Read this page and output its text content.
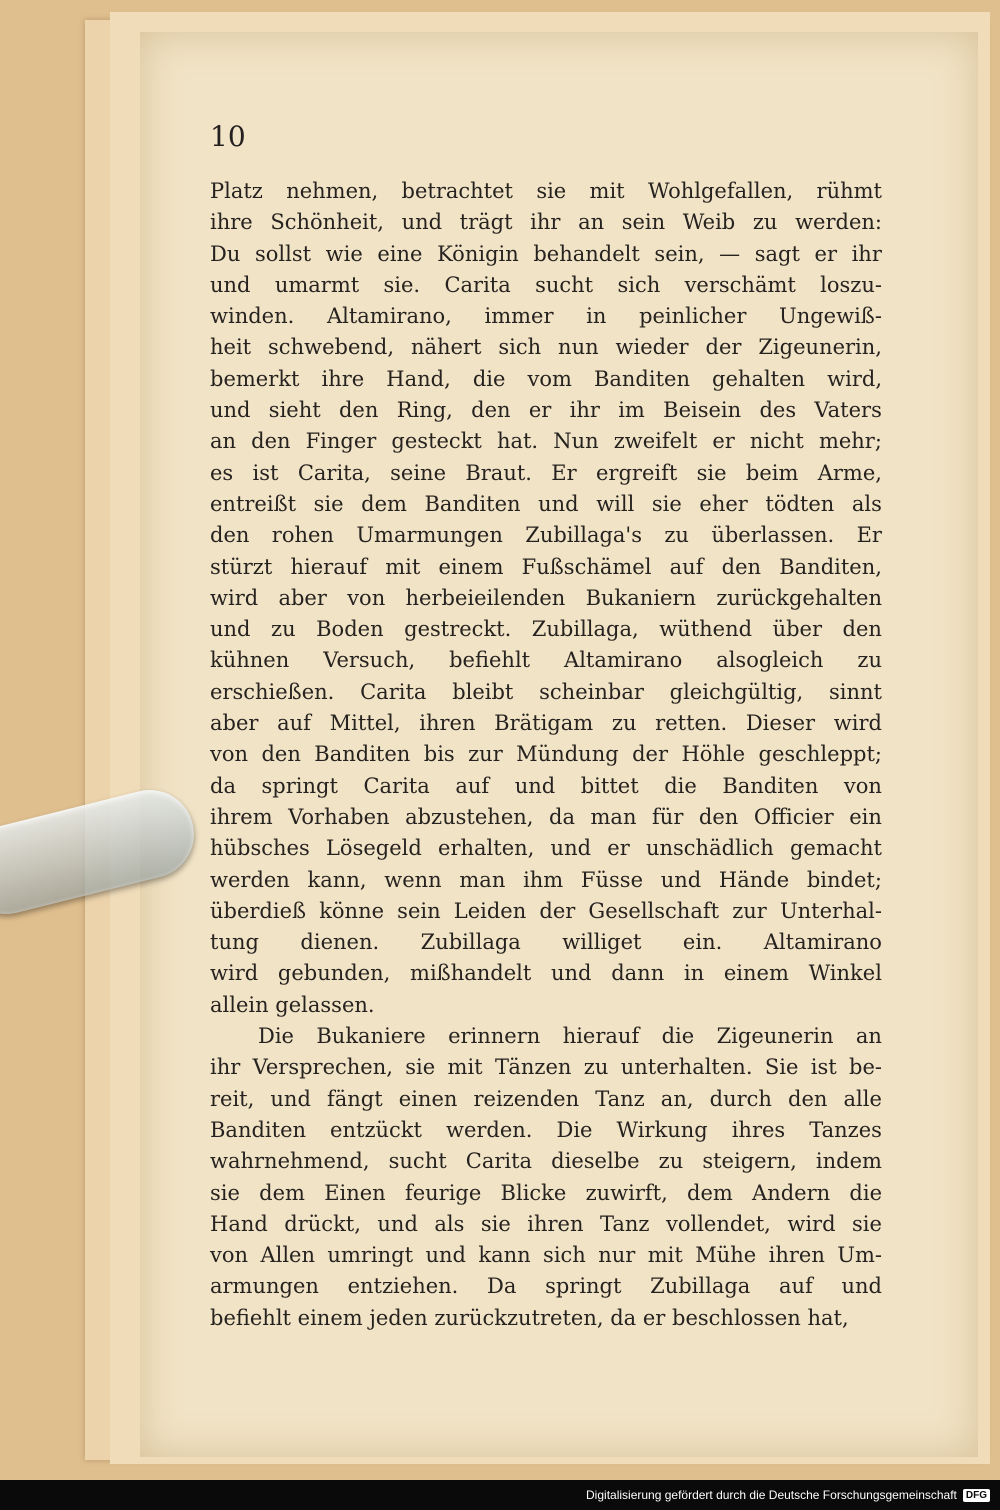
10

Platz nehmen, betrachtet sie mit Wohlgefallen, rühmt
ihre Schönheit, und trägt ihr an sein Weib zu werden:
Du sollst wie eine Königin behandelt sein, — sagt er ihr
und umarmt sie. Carita sucht sich verschämt loszu-
winden. Altamirano, immer in peinlicher Ungewiß-
heit schwebend, nähert sich nun wieder der Zigeunerin,
bemerkt ihre Hand, die vom Banditen gehalten wird,
und sieht den Ring, den er ihr im Beisein des Vaters
an den Finger gesteckt hat. Nun zweifelt er nicht mehr;
es ist Carita, seine Braut. Er ergreift sie beim Arme,
entreißt sie dem Banditen und will sie eher tödten als
den rohen Umarmungen Zubillaga's zu überlassen. Er
stürzt hierauf mit einem Fußschämel auf den Banditen,
wird aber von herbeieilenden Bukaniern zurückgehalten
und zu Boden gestreckt. Zubillaga, wüthend über den
kühnen Versuch, befiehlt Altamirano alsogleich zu
erschießen. Carita bleibt scheinbar gleichgültig, sinnt
aber auf Mittel, ihren Brätigam zu retten. Dieser wird
von den Banditen bis zur Mündung der Höhle geschleppt;
da springt Carita auf und bittet die Banditen von
ihrem Vorhaben abzustehen, da man für den Officier ein
hübsches Lösegeld erhalten, und er unschädlich gemacht
werden kann, wenn man ihm Füsse und Hände bindet;
überdieß könne sein Leiden der Gesellschaft zur Unterhal-
tung dienen. Zubillaga williget ein. Altamirano
wird gebunden, mißhandelt und dann in einem Winkel
allein gelassen.
Die Bukaniere erinnern hierauf die Zigeunerin an
ihr Versprechen, sie mit Tänzen zu unterhalten. Sie ist be-
reit, und fängt einen reizenden Tanz an, durch den alle
Banditen entzückt werden. Die Wirkung ihres Tanzes
wahrnehmend, sucht Carita dieselbe zu steigern, indem
sie dem Einen feurige Blicke zuwirft, dem Andern die
Hand drückt, und als sie ihren Tanz vollendet, wird sie
von Allen umringt und kann sich nur mit Mühe ihren Um-
armungen entziehen. Da springt Zubillaga auf und
befiehlt einem jeden zurückzutreten, da er beschlossen hat,
Digitalisierung gefördert durch die Deutsche Forschungsgemeinschaft DFG
